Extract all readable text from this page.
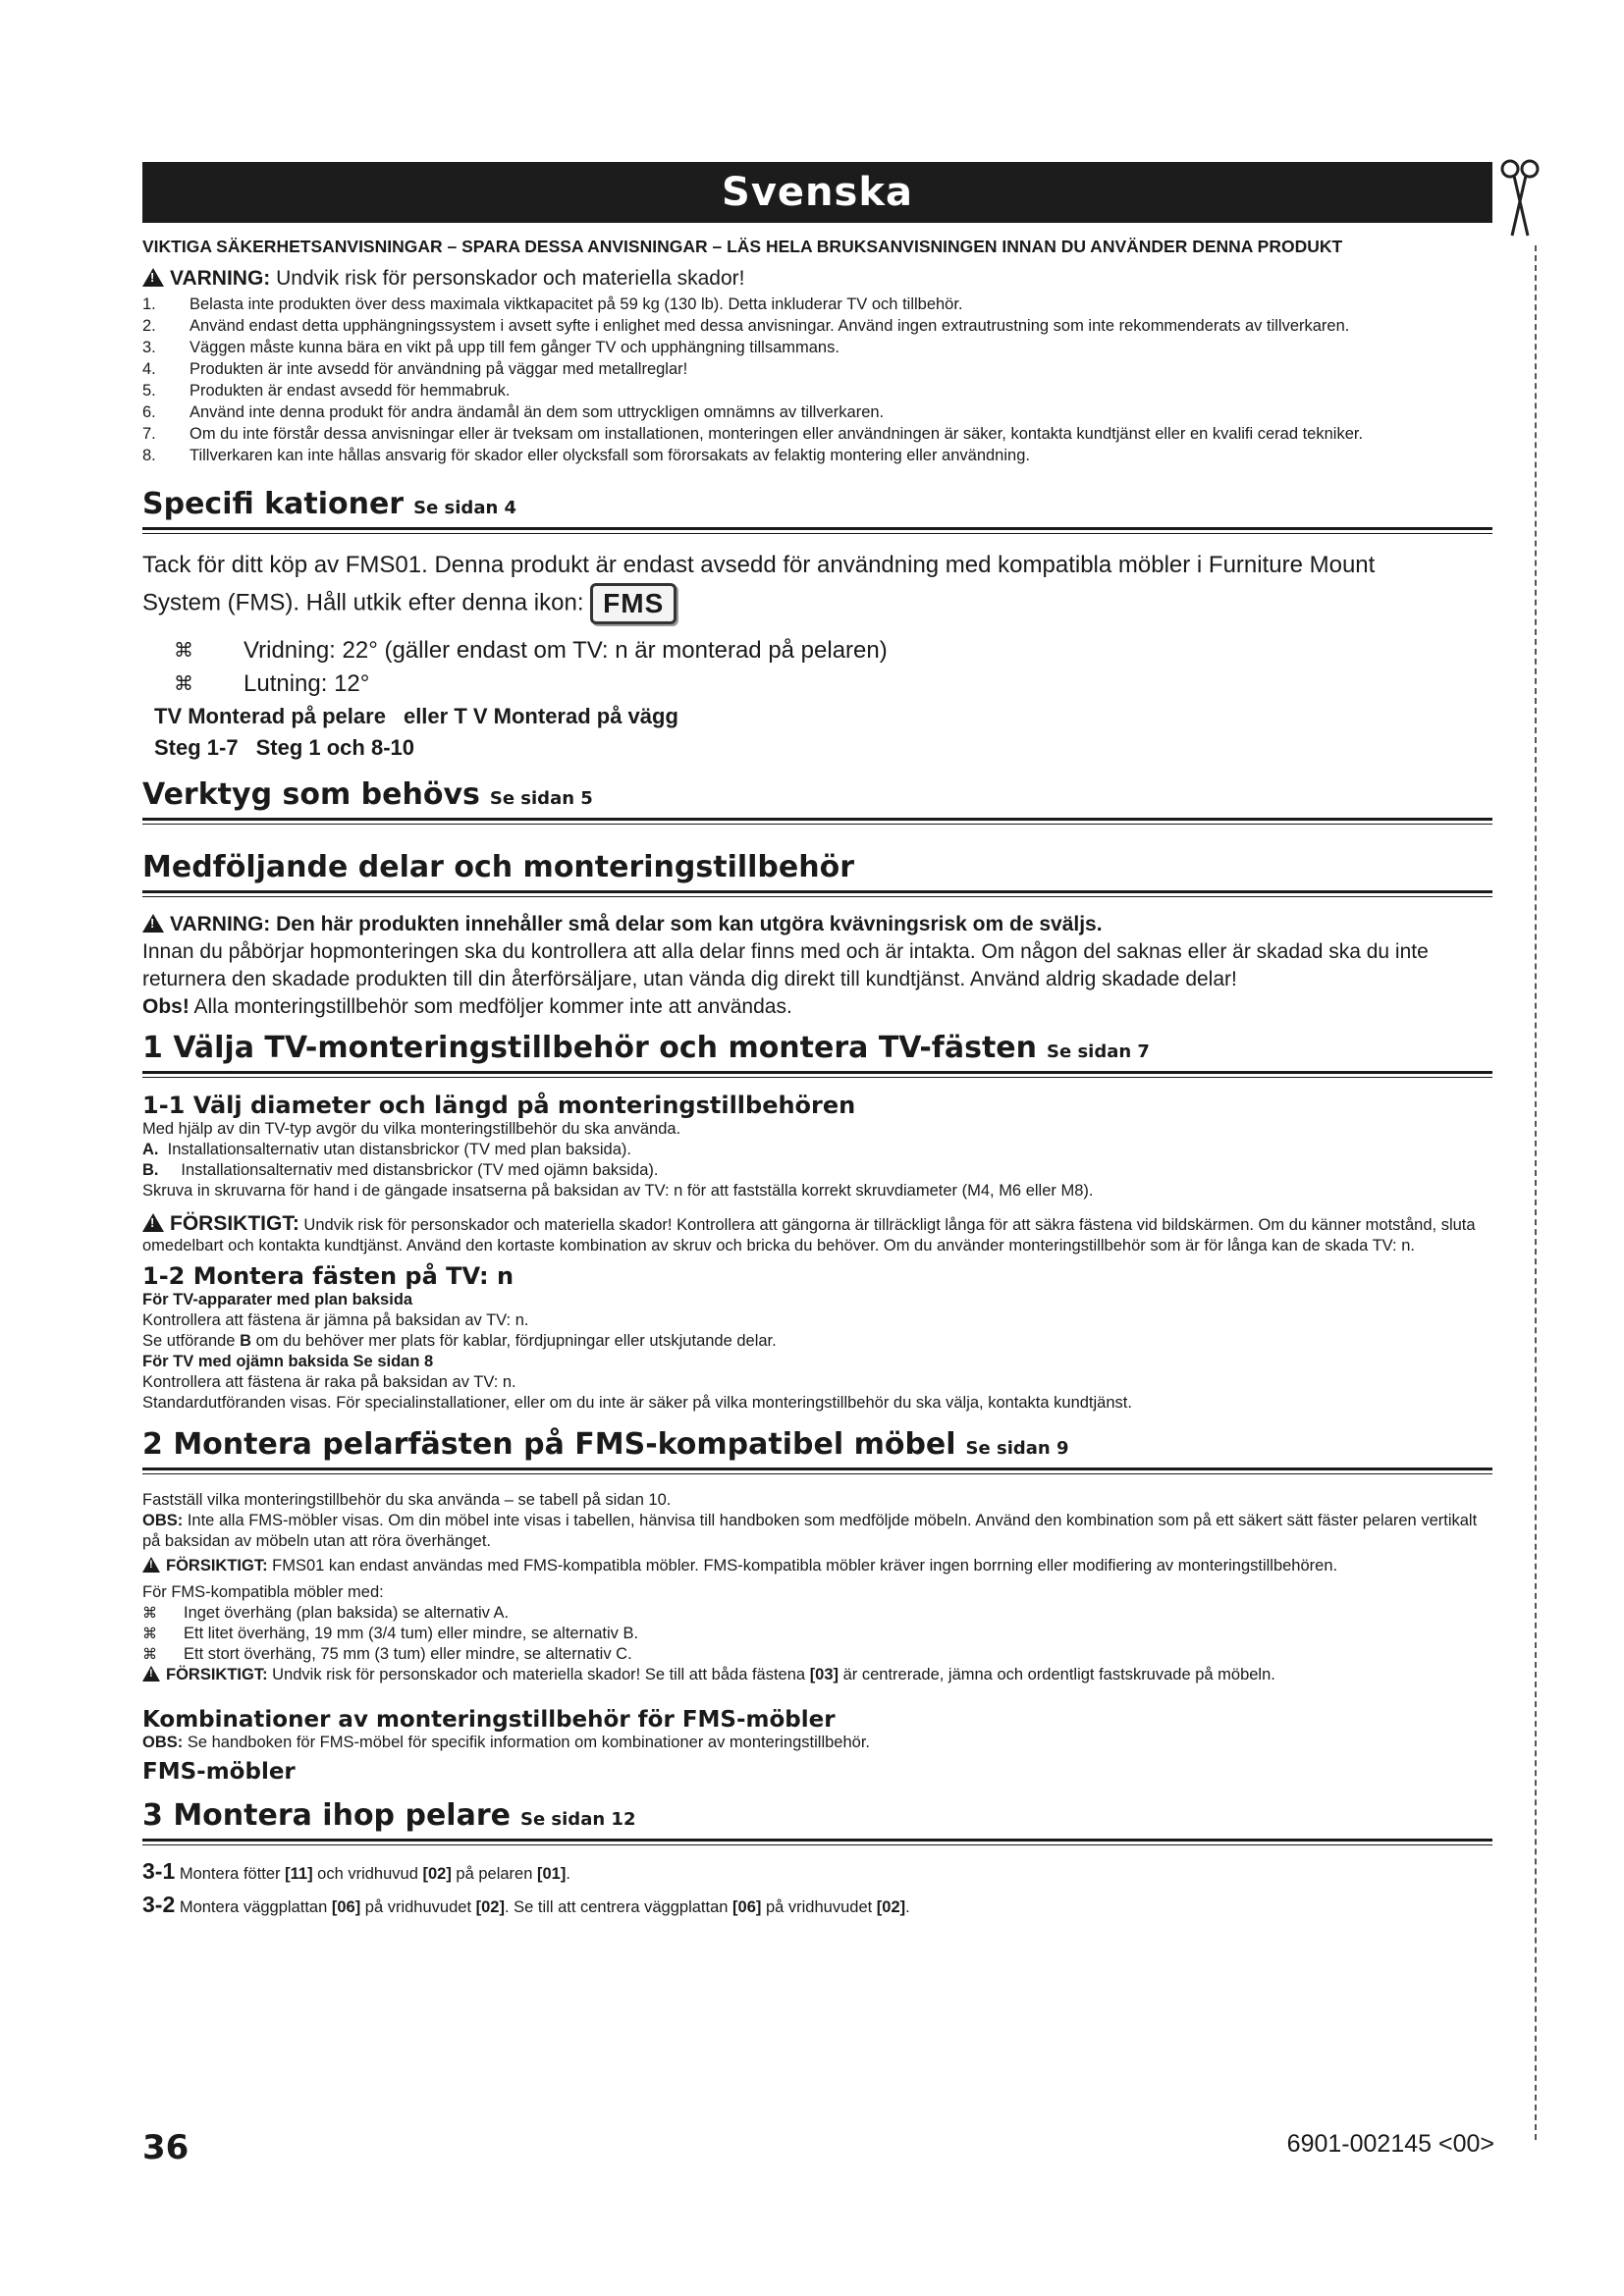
Svenska
VIKTIGA SÄKERHETSANVISNINGAR – SPARA DESSA ANVISNINGAR – LÄS HELA BRUKSANVISNINGEN INNAN DU ANVÄNDER DENNA PRODUKT
!VARNING: Undvik risk för personskador och materiella skador!
1. Belasta inte produkten över dess maximala viktkapacitet på 59 kg (130 lb). Detta inkluderar TV och tillbehör.
2. Använd endast detta upphängningssystem i avsett syfte i enlighet med dessa anvisningar. Använd ingen extrautrustning som inte rekommenderats av tillverkaren.
3. Väggen måste kunna bära en vikt på upp till fem gånger TV och upphängning tillsammans.
4. Produkten är inte avsedd för användning på väggar med metallreglar!
5. Produkten är endast avsedd för hemmabruk.
6. Använd inte denna produkt för andra ändamål än dem som uttryckligen omnämns av tillverkaren.
7. Om du inte förstår dessa anvisningar eller är tveksam om installationen, monteringen eller användningen är säker, kontakta kundtjänst eller en kvalifi cerad tekniker.
8. Tillverkaren kan inte hållas ansvarig för skador eller olycksfall som förorsakats av felaktig montering eller användning.
Specifi kationer Se sidan 4
Tack för ditt köp av FMS01. Denna produkt är endast avsedd för användning med kompatibla möbler i Furniture Mount
System (FMS). Håll utkik efter denna ikon: FMS
⌘ Vridning: 22° (gäller endast om TV: n är monterad på pelaren)
⌘ Lutning: 12°
TV Monterad på pelare eller T V Monterad på vägg
Steg 1-7 Steg 1 och 8-10
Verktyg som behövs Se sidan 5
Medföljande delar och monteringstillbehör
!VARNING: Den här produkten innehåller små delar som kan utgöra kvävningsrisk om de sväljs.
Innan du påbörjar hopmonteringen ska du kontrollera att alla delar finns med och är intakta. Om någon del saknas eller är skadad ska du inte returnera den skadade produkten till din återförsäljare, utan vända dig direkt till kundtjänst. Använd aldrig skadade delar!
Obs! Alla monteringstillbehör som medföljer kommer inte att användas.
1 Välja TV-monteringstillbehör och montera TV-fästen Se sidan 7
1-1 Välj diameter och längd på monteringstillbehören
Med hjälp av din TV-typ avgör du vilka monteringstillbehör du ska använda.
A. Installationsalternativ utan distansbrickor (TV med plan baksida).
B. Installationsalternativ med distansbrickor (TV med ojämn baksida).
Skruva in skruvarna för hand i de gängade insatserna på baksidan av TV: n för att fastställa korrekt skruvdiameter (M4, M6 eller M8).
!FÖRSIKTIGT: Undvik risk för personskador och materiella skador! Kontrollera att gängorna är tillräckligt långa för att säkra fästena vid bildskärmen. Om du känner motstånd, sluta omedelbart och kontakta kundtjänst. Använd den kortaste kombination av skruv och bricka du behöver. Om du använder monteringstillbehör som är för långa kan de skada TV: n.
1-2 Montera fästen på TV: n
För TV-apparater med plan baksida
Kontrollera att fästena är jämna på baksidan av TV: n.
Se utförande B om du behöver mer plats för kablar, fördjupningar eller utskjutande delar.
För TV med ojämn baksida Se sidan 8
Kontrollera att fästena är raka på baksidan av TV: n.
Standardutföranden visas. För specialinstallationer, eller om du inte är säker på vilka monteringstillbehör du ska välja, kontakta kundtjänst.
2 Montera pelarfästen på FMS-kompatibel möbel Se sidan 9
Fastställ vilka monteringstillbehör du ska använda – se tabell på sidan 10.
OBS: Inte alla FMS-möbler visas. Om din möbel inte visas i tabellen, hänvisa till handboken som medföljde möbeln. Använd den kombination som på ett säkert sätt fäster pelaren vertikalt på baksidan av möbeln utan att röra överhänget.
!FÖRSIKTIGT: FMS01 kan endast användas med FMS-kompatibla möbler. FMS-kompatibla möbler kräver ingen borrning eller modifiering av monteringstillbehören.
För FMS-kompatibla möbler med:
⌘ Inget överhäng (plan baksida) se alternativ A.
⌘ Ett litet överhäng, 19 mm (3/4 tum) eller mindre, se alternativ B.
⌘ Ett stort överhäng, 75 mm (3 tum) eller mindre, se alternativ C.
!FÖRSIKTIGT: Undvik risk för personskador och materiella skador! Se till att båda fästena [03] är centrerade, jämna och ordentligt fastskruvade på möbeln.
Kombinationer av monteringstillbehör för FMS-möbler
OBS: Se handboken för FMS-möbel för specifik information om kombinationer av monteringstillbehör.
FMS-möbler
3 Montera ihop pelare Se sidan 12
3-1 Montera fötter [11] och vridhuvud [02] på pelaren [01].
3-2 Montera väggplattan [06] på vridhuvudet [02]. Se till att centrera väggplattan [06] på vridhuvudet [02].
36	6901-002145 <00>
